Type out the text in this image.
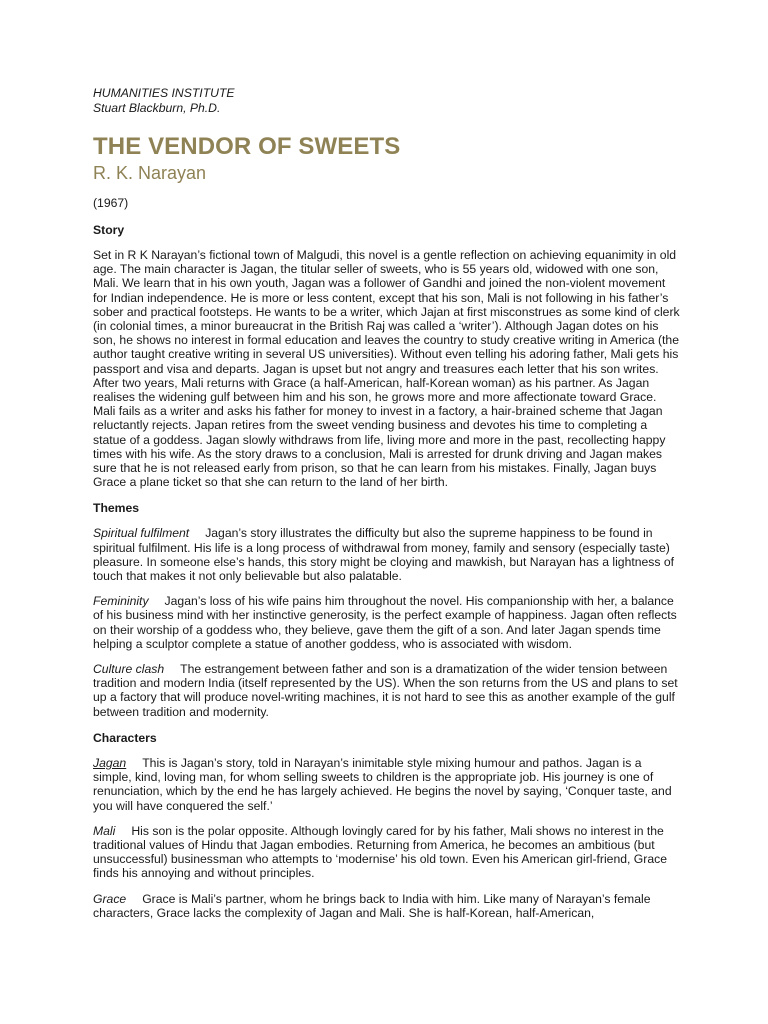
HUMANITIES INSTITUTE

Stuart Blackburn, Ph.D.

THE VENDOR OF SWEETS

R. K. Narayan

(1967)

Story

Set in R K Narayan’s fictional town of Malgudi, this novel is a gentle reflection on achieving equanimity in old age. The main character is Jagan, the titular seller of sweets, who is 55 years old, widowed with one son, Mali. We learn that in his own youth, Jagan was a follower of Gandhi and joined the non-violent movement for Indian independence. He is more or less content, except that his son, Mali is not following in his father’s sober and practical footsteps. He wants to be a writer, which Jajan at first misconstrues as some kind of clerk (in colonial times, a minor bureaucrat in the British Raj was called a ‘writer’). Although Jagan dotes on his son, he shows no interest in formal education and leaves the country to study creative writing in America (the author taught creative writing in several US universities). Without even telling his adoring father, Mali gets his passport and visa and departs. Jagan is upset but not angry and treasures each letter that his son writes. After two years, Mali returns with Grace (a half-American, half-Korean woman) as his partner. As Jagan realises the widening gulf between him and his son, he grows more and more affectionate toward Grace. Mali fails as a writer and asks his father for money to invest in a factory, a hair-brained scheme that Jagan reluctantly rejects. Japan retires from the sweet vending business and devotes his time to completing a statue of a goddess. Jagan slowly withdraws from life, living more and more in the past, recollecting happy times with his wife. As the story draws to a conclusion, Mali is arrested for drunk driving and Jagan makes sure that he is not released early from prison, so that he can learn from his mistakes. Finally, Jagan buys Grace a plane ticket so that she can return to the land of her birth.

Themes

Spiritual fulfilment Jagan’s story illustrates the difficulty but also the supreme happiness to be found in spiritual fulfilment. His life is a long process of withdrawal from money, family and sensory (especially taste) pleasure. In someone else’s hands, this story might be cloying and mawkish, but Narayan has a lightness of touch that makes it not only believable but also palatable.

Femininity Jagan’s loss of his wife pains him throughout the novel. His companionship with her, a balance of his business mind with her instinctive generosity, is the perfect example of happiness. Jagan often reflects on their worship of a goddess who, they believe, gave them the gift of a son. And later Jagan spends time helping a sculptor complete a statue of another goddess, who is associated with wisdom.

Culture clash The estrangement between father and son is a dramatization of the wider tension between tradition and modern India (itself represented by the US). When the son returns from the US and plans to set up a factory that will produce novel-writing machines, it is not hard to see this as another example of the gulf between tradition and modernity.

Characters

Jagan This is Jagan’s story, told in Narayan’s inimitable style mixing humour and pathos. Jagan is a simple, kind, loving man, for whom selling sweets to children is the appropriate job. His journey is one of renunciation, which by the end he has largely achieved. He begins the novel by saying, ‘Conquer taste, and you will have conquered the self.’

Mali His son is the polar opposite. Although lovingly cared for by his father, Mali shows no interest in the traditional values of Hindu that Jagan embodies. Returning from America, he becomes an ambitious (but unsuccessful) businessman who attempts to ‘modernise’ his old town. Even his American girl-friend, Grace finds his annoying and without principles.

Grace Grace is Mali’s partner, whom he brings back to India with him. Like many of Narayan’s female characters, Grace lacks the complexity of Jagan and Mali. She is half-Korean, half-American,
